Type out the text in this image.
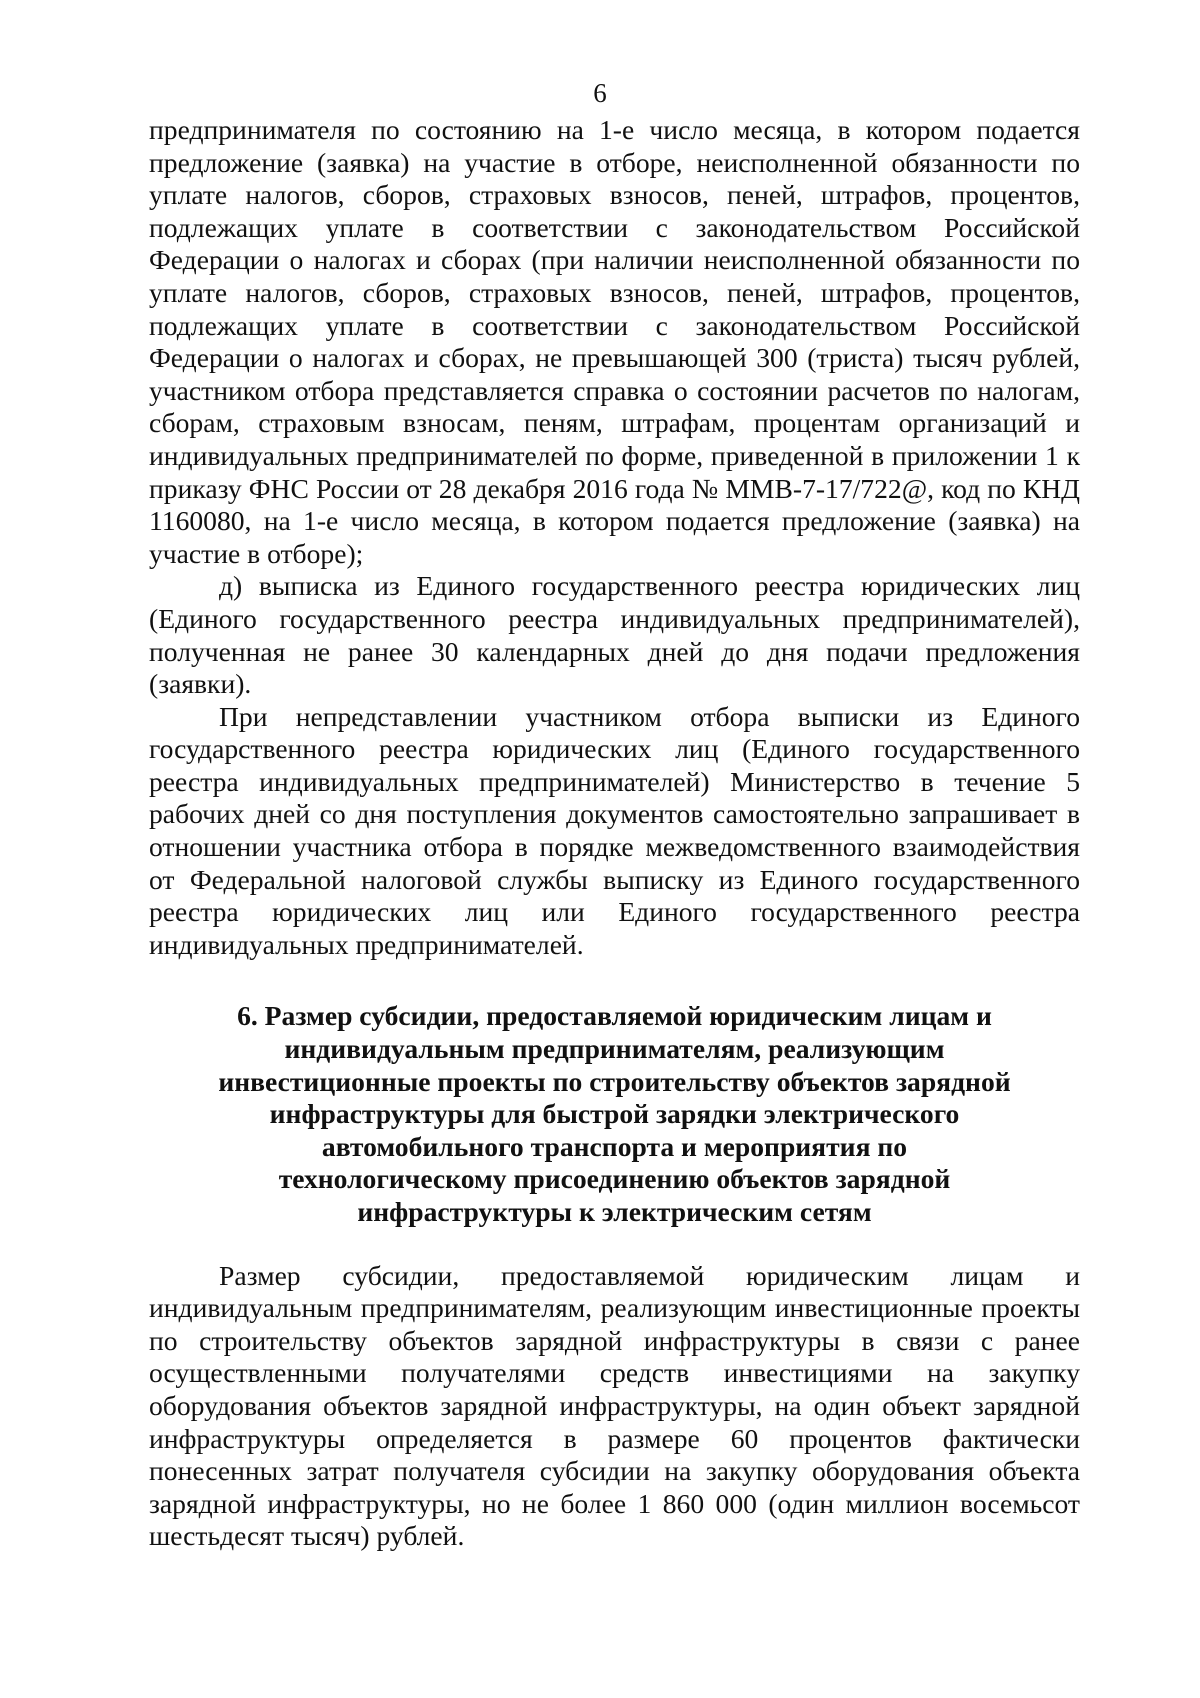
6

предпринимателя по состоянию на 1-е число месяца, в котором подается предложение (заявка) на участие в отборе, неисполненной обязанности по уплате налогов, сборов, страховых взносов, пеней, штрафов, процентов, подлежащих уплате в соответствии с законодательством Российской Федерации о налогах и сборах (при наличии неисполненной обязанности по уплате налогов, сборов, страховых взносов, пеней, штрафов, процентов, подлежащих уплате в соответствии с законодательством Российской Федерации о налогах и сборах, не превышающей 300 (триста) тысяч рублей, участником отбора представляется справка о состоянии расчетов по налогам, сборам, страховым взносам, пеням, штрафам, процентам организаций и индивидуальных предпринимателей по форме, приведенной в приложении 1 к приказу ФНС России от 28 декабря 2016 года № ММВ-7-17/722@, код по КНД 1160080, на 1-е число месяца, в котором подается предложение (заявка) на участие в отборе);

д) выписка из Единого государственного реестра юридических лиц (Единого государственного реестра индивидуальных предпринимателей), полученная не ранее 30 календарных дней до дня подачи предложения (заявки).

При непредставлении участником отбора выписки из Единого государственного реестра юридических лиц (Единого государственного реестра индивидуальных предпринимателей) Министерство в течение 5 рабочих дней со дня поступления документов самостоятельно запрашивает в отношении участника отбора в порядке межведомственного взаимодействия от Федеральной налоговой службы выписку из Единого государственного реестра юридических лиц или Единого государственного реестра индивидуальных предпринимателей.

6. Размер субсидии, предоставляемой юридическим лицам и индивидуальным предпринимателям, реализующим инвестиционные проекты по строительству объектов зарядной инфраструктуры для быстрой зарядки электрического автомобильного транспорта и мероприятия по технологическому присоединению объектов зарядной инфраструктуры к электрическим сетям

Размер субсидии, предоставляемой юридическим лицам и индивидуальным предпринимателям, реализующим инвестиционные проекты по строительству объектов зарядной инфраструктуры в связи с ранее осуществленными получателями средств инвестициями на закупку оборудования объектов зарядной инфраструктуры, на один объект зарядной инфраструктуры определяется в размере 60 процентов фактически понесенных затрат получателя субсидии на закупку оборудования объекта зарядной инфраструктуры, но не более 1 860 000 (один миллион восемьсот шестьдесят тысяч) рублей.
